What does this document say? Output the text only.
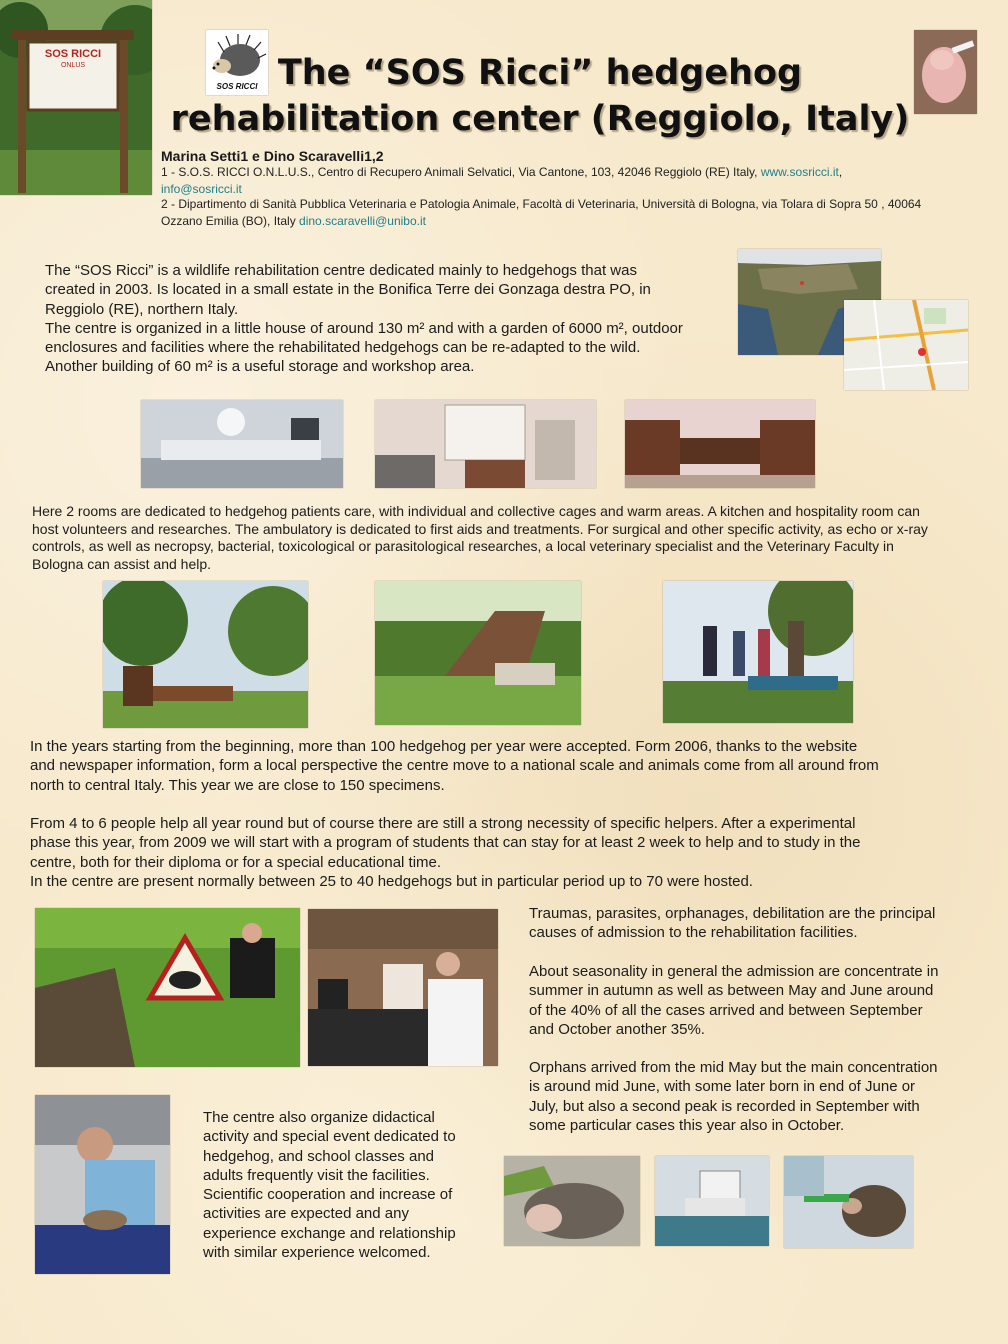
SOS RICCI
ONLUS
SOS RICCI The “SOS Ricci” hedgehog
rehabilitation center (Reggiolo, Italy)
Marina Setti1 e Dino Scaravelli1,2
1 - S.O.S. RICCI O.N.L.U.S., Centro di Recupero Animali Selvatici, Via Cantone, 103, 42046 Reggiolo (RE) Italy, www.sosricci.it,
info@sosricci.it
2 - Dipartimento di Sanità Pubblica Veterinaria e Patologia Animale, Facoltà di Veterinaria, Università di Bologna, via Tolara di Sopra 50 , 40064 Ozzano Emilia (BO), Italy dino.scaravelli@unibo.it
The “SOS Ricci” is a wildlife rehabilitation centre dedicated mainly to hedgehogs that was
created in 2003. Is located in a small estate in the Bonifica Terre dei Gonzaga destra PO, in
Reggiolo (RE), northern Italy.
The centre is organized in a little house of around 130 m² and with a garden of 6000 m², outdoor
enclosures and facilities where the rehabilitated hedgehogs can be re-adapted to the wild.
Another building of 60 m² is a useful storage and workshop area.
Here 2 rooms are dedicated to hedgehog patients care, with individual and collective cages and warm areas. A kitchen and hospitality room can
host volunteers and researches. The ambulatory is dedicated to first aids and treatments. For surgical and other specific activity, as echo or x-ray
controls, as well as necropsy, bacterial, toxicological or parasitological researches, a local veterinary specialist and the Veterinary Faculty in
Bologna can assist and help.
In the years starting from the beginning, more than 100 hedgehog per year were accepted. Form 2006, thanks to the website
and newspaper information, form a local perspective the centre move to a national scale and animals come from all around from
north to central Italy. This year we are close to 150 specimens.
From 4 to 6 people help all year round but of course there are still a strong necessity of specific helpers. After a experimental
phase this year, from 2009 we will start with a program of students that can stay for at least 2 week to help and to study in the
centre, both for their diploma or for a special educational time.
In the centre are present normally between 25 to 40 hedgehogs but in particular period up to 70 were hosted.
Traumas, parasites, orphanages, debilitation are the principal
causes of admission to the rehabilitation facilities.
About seasonality in general the admission are concentrate in
summer in autumn as well as between May and June around
of the 40% of all the cases arrived and between September
and October another 35%.
Orphans arrived from the mid May but the main concentration
is around mid June, with some later born in end of June or
July, but also a second peak is recorded in September with
some particular cases this year also in October.
The centre also organize didactical
activity and special event dedicated to
hedgehog, and school classes and
adults frequently visit the facilities.
Scientific cooperation and increase of
activities are expected and any
experience exchange and relationship
with similar experience welcomed.
